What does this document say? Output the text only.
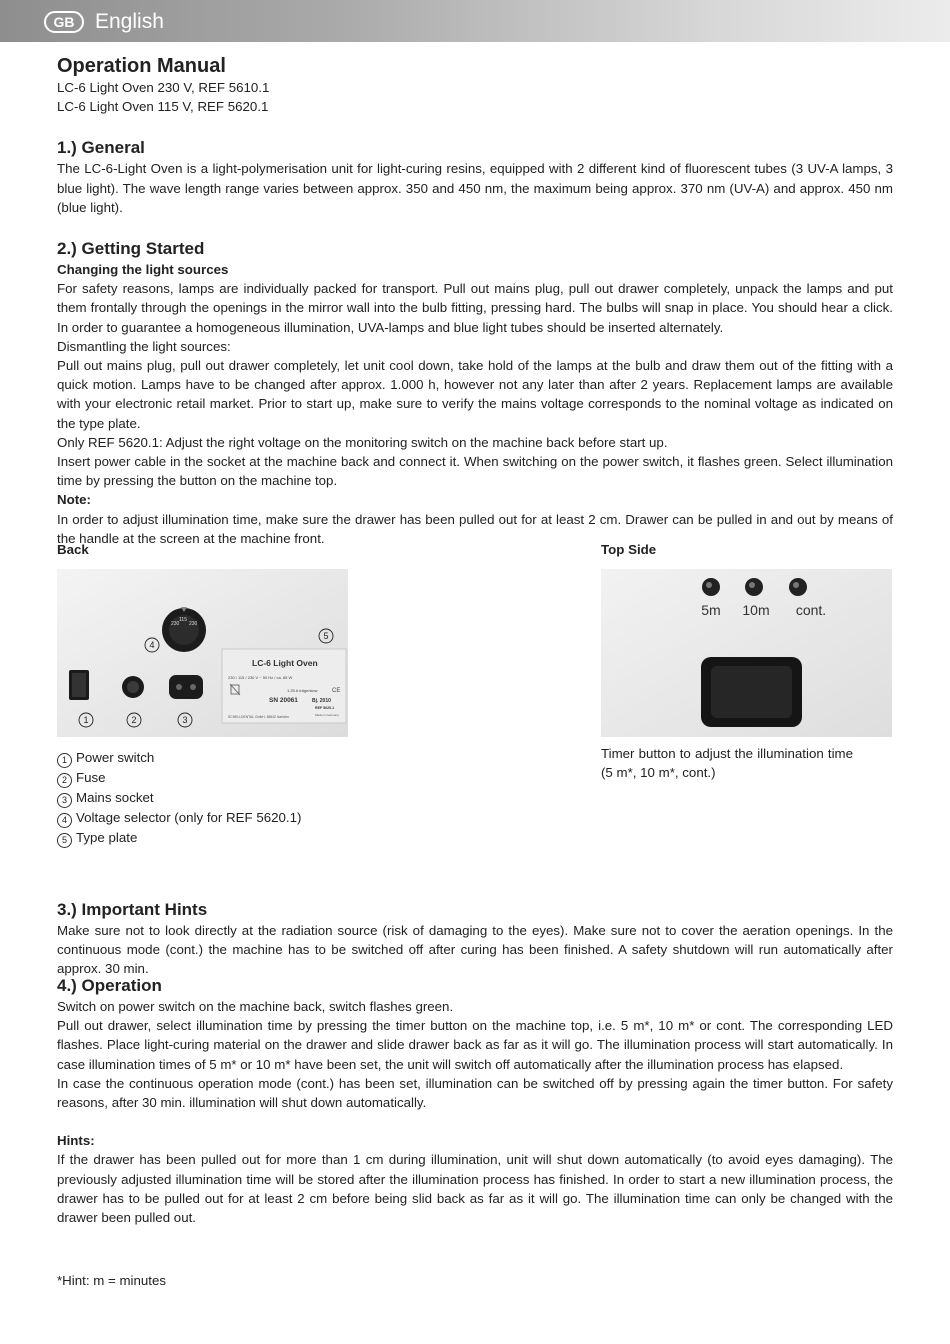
GB English
Operation Manual

LC-6 Light Oven 230 V, REF 5610.1

LC-6 Light Oven 115 V, REF 5620.1

1.) General

The LC-6-Light Oven is a light-polymerisation unit for light-curing resins, equipped with 2 different kind of fluorescent tubes (3 UV-A lamps, 3 blue light). The wave length range varies between approx. 350 and 450 nm, the maximum being approx. 370 nm (UV-A) and approx. 450 nm (blue light).

2.) Getting Started

Changing the light sources

For safety reasons, lamps are individually packed for transport. Pull out mains plug, pull out drawer completely, unpack the lamps and put them frontally through the openings in the mirror wall into the bulb fitting, pressing hard. The bulbs will snap in place. You should hear a click. In order to guarantee a homogeneous illumination, UVA-lamps and blue light tubes should be inserted alternately.

Dismantling the light sources:

Pull out mains plug, pull out drawer completely, let unit cool down, take hold of the lamps at the bulb and draw them out of the fitting with a quick motion. Lamps have to be changed after approx. 1.000 h, however not any later than after 2 years. Replacement lamps are available with your electronic retail market. Prior to start up, make sure to verify the mains voltage corresponds to the nominal voltage as indicated on the type plate.

Only REF 5620.1: Adjust the right voltage on the monitoring switch on the machine back before start up.

Insert power cable in the socket at the machine back and connect it. When switching on the power switch, it flashes green. Select illumination time by pressing the button on the machine top.

Note:

In order to adjust illumination time, make sure the drawer has been pulled out for at least 2 cm. Drawer can be pulled in and out by means of the handle at the screen at the machine front.

Back
230
115
230
LC-6 Light Oven
230 / 115 / 230 V ~ 50 Hz / ca. 65 W
1.25 A träge/slow CE
SN 20061	Bj. 2010
REF 5620.1
SCHEU-DENTAL GmbH, 58642 Iserlohn	Made in Germany
4
5
1	2	3
1 Power switch
2 Fuse
3 Mains socket
4 Voltage selector (only for REF 5620.1)
5 Type plate
Top Side
5m 10m cont.
Timer button to adjust the illumination time
(5 m*, 10 m*, cont.)
3.) Important Hints

Make sure not to look directly at the radiation source (risk of damaging to the eyes). Make sure not to cover the aeration openings. In the continuous mode (cont.) the machine has to be switched off after curing has been finished. A safety shutdown will run automatically after approx. 30 min.

4.) Operation

Switch on power switch on the machine back, switch flashes green.

Pull out drawer, select illumination time by pressing the timer button on the machine top, i.e. 5 m*, 10 m* or cont. The corresponding LED flashes. Place light-curing material on the drawer and slide drawer back as far as it will go. The illumination process will start automatically. In case illumination times of 5 m* or 10 m* have been set, the unit will switch off automatically after the illumination process has elapsed.

In case the continuous operation mode (cont.) has been set, illumination can be switched off by pressing again the timer button. For safety reasons, after 30 min. illumination will shut down automatically.

Hints:

If the drawer has been pulled out for more than 1 cm during illumination, unit will shut down automatically (to avoid eyes damaging). The previously adjusted illumination time will be stored after the illumination process has finished. In order to start a new illumination process, the drawer has to be pulled out for at least 2 cm before being slid back as far as it will go. The illumination time can only be changed with the drawer been pulled out.

*Hint: m = minutes
